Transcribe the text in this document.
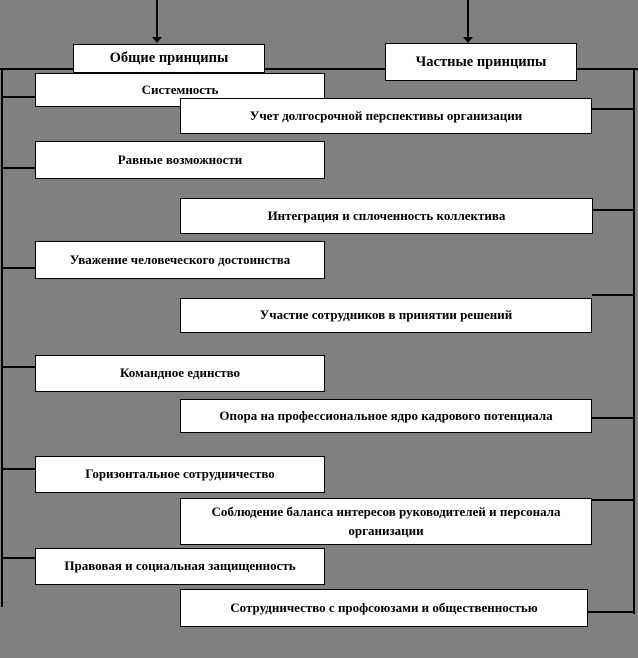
Системность
Учет долгосрочной перспективы организации
Равные возможности
Интеграция и сплоченность коллектива
Уважение человеческого достоинства
Участие сотрудников в принятии решений
Командное единство
Опора на профессиональное ядро кадрового потенциала
Горизонтальное сотрудничество
Соблюдение баланса интересов руководителей и персонала организации
Правовая и социальная защищенность
Сотрудничество с профсоюзами и общественностью
Общие принципы	Частные принципы
